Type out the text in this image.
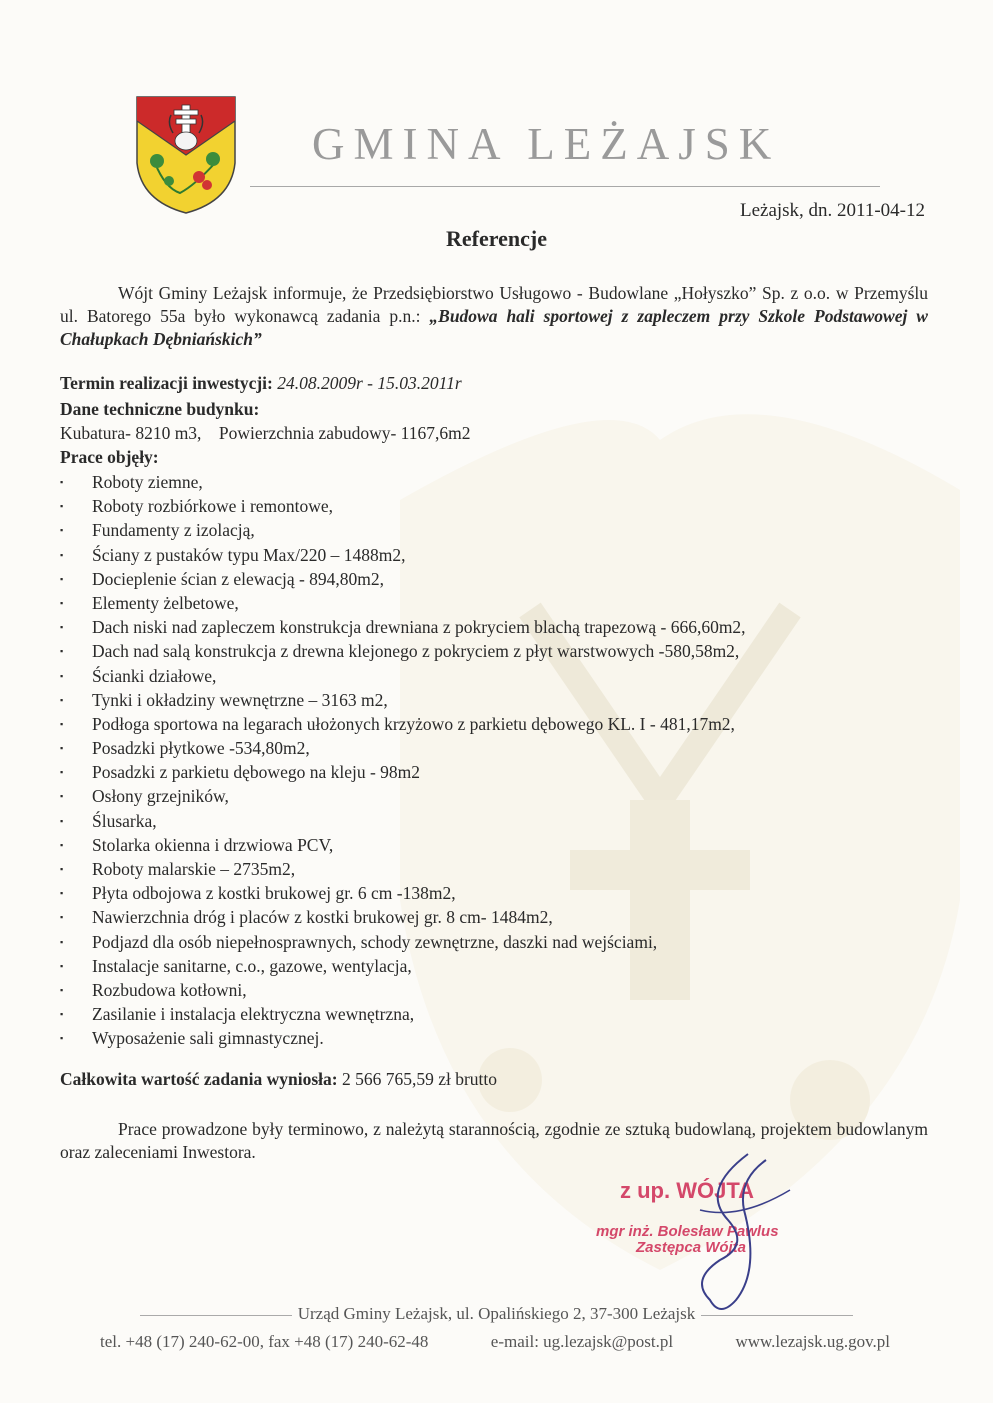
GMINA LEŻAJSK
Leżajsk, dn. 2011-04-12
Referencje
Wójt Gminy Leżajsk informuje, że Przedsiębiorstwo Usługowo - Budowlane „Hołyszko” Sp. z o.o. w Przemyślu ul. Batorego 55a było wykonawcą zadania p.n.: „Budowa hali sportowej z zapleczem przy Szkole Podstawowej w Chałupkach Dębniańskich”
Termin realizacji inwestycji: 24.08.2009r - 15.03.2011r
Dane techniczne budynku:
Kubatura- 8210 m3,    Powierzchnia zabudowy- 1167,6m2
Prace objęły:
▪ Roboty ziemne,
▪ Roboty rozbiórkowe i remontowe,
▪ Fundamenty z izolacją,
▪ Ściany z pustaków typu Max/220 – 1488m2,
▪ Docieplenie ścian z elewacją - 894,80m2,
▪ Elementy żelbetowe,
▪ Dach niski nad zapleczem konstrukcja drewniana z pokryciem blachą trapezową - 666,60m2,
▪ Dach nad salą konstrukcja z drewna klejonego z pokryciem z płyt warstwowych -580,58m2,
▪ Ścianki działowe,
▪ Tynki i okładziny wewnętrzne – 3163 m2,
▪ Podłoga sportowa na legarach ułożonych krzyżowo z parkietu dębowego KL. I - 481,17m2,
▪ Posadzki płytkowe -534,80m2,
▪ Posadzki z parkietu dębowego na kleju - 98m2
▪ Osłony grzejników,
▪ Ślusarka,
▪ Stolarka okienna i drzwiowa PCV,
▪ Roboty malarskie – 2735m2,
▪ Płyta odbojowa z kostki brukowej gr. 6 cm -138m2,
▪ Nawierzchnia dróg i placów z kostki brukowej gr. 8 cm- 1484m2,
▪ Podjazd dla osób niepełnosprawnych, schody zewnętrzne, daszki nad wejściami,
▪ Instalacje sanitarne, c.o., gazowe, wentylacja,
▪ Rozbudowa kotłowni,
▪ Zasilanie i instalacja elektryczna wewnętrzna,
▪ Wyposażenie sali gimnastycznej.
Całkowita wartość zadania wyniosła: 2 566 765,59 zł brutto
Prace prowadzone były terminowo, z należytą starannością, zgodnie ze sztuką budowlaną, projektem budowlanym oraz zaleceniami Inwestora.
z up. WÓJTA
mgr inż. Bolesław Pawlus
Zastępca Wójta
Urząd Gminy Leżajsk, ul. Opalińskiego 2, 37-300 Leżajsk
tel. +48 (17) 240-62-00, fax +48 (17) 240-62-48	e-mail: ug.lezajsk@post.pl	www.lezajsk.ug.gov.pl
